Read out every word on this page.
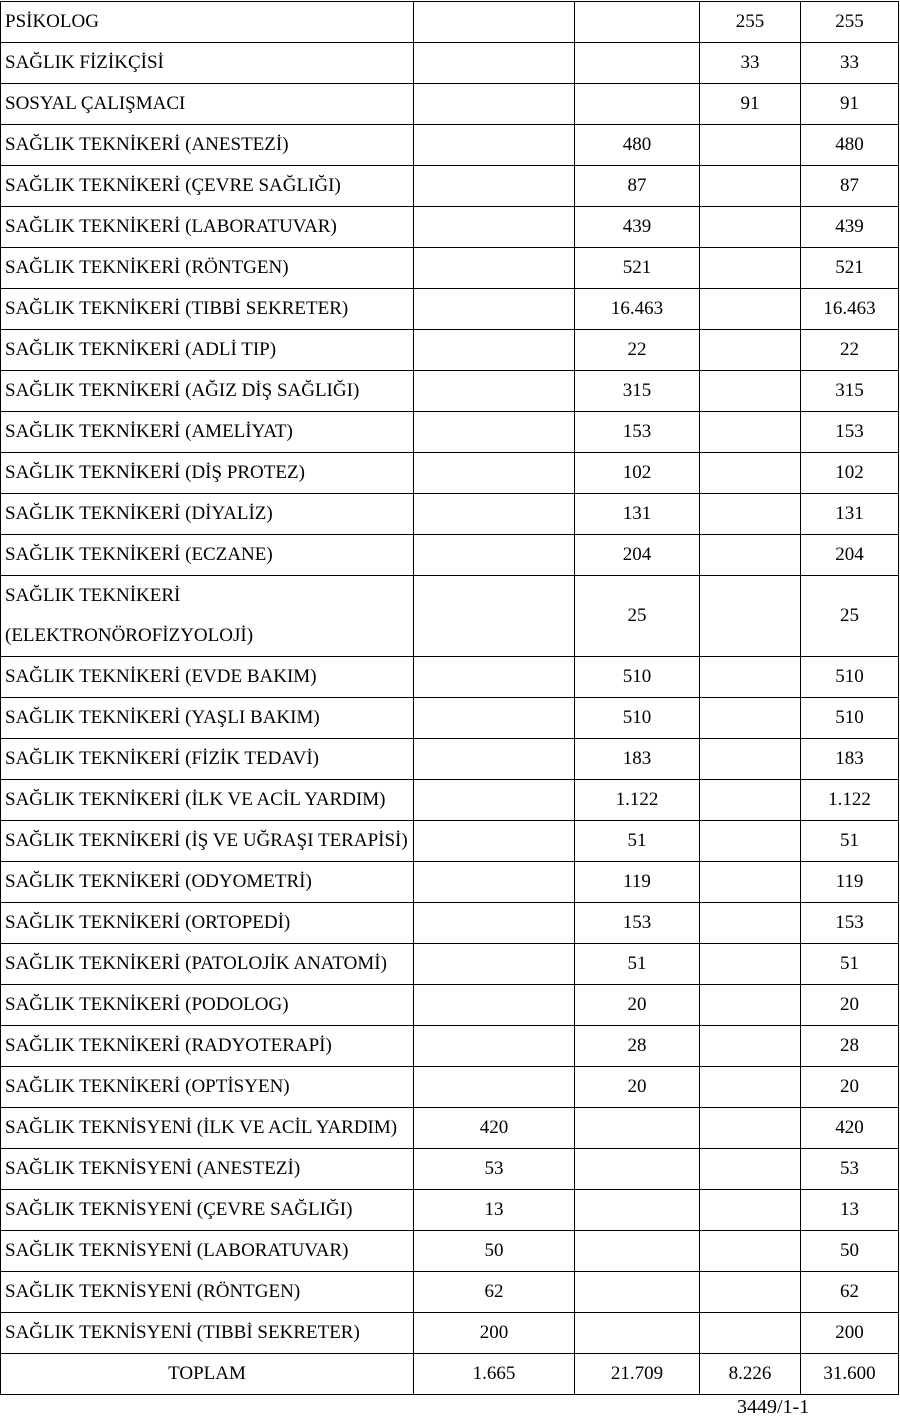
PSİKOLOG			255	255
SAĞLIK FİZİKÇİSİ			33	33
SOSYAL ÇALIŞMACI			91	91
SAĞLIK TEKNİKERİ (ANESTEZİ)		480		480
SAĞLIK TEKNİKERİ (ÇEVRE SAĞLIĞI)		87		87
SAĞLIK TEKNİKERİ (LABORATUVAR)		439		439
SAĞLIK TEKNİKERİ (RÖNTGEN)		521		521
SAĞLIK TEKNİKERİ (TIBBİ SEKRETER)		16.463		16.463
SAĞLIK TEKNİKERİ (ADLİ TIP)		22		22
SAĞLIK TEKNİKERİ (AĞIZ DİŞ SAĞLIĞI)		315		315
SAĞLIK TEKNİKERİ (AMELİYAT)		153		153
SAĞLIK TEKNİKERİ (DİŞ PROTEZ)		102		102
SAĞLIK TEKNİKERİ (DİYALİZ)		131		131
SAĞLIK TEKNİKERİ (ECZANE)		204		204
SAĞLIK TEKNİKERİ (ELEKTRONÖROFİZYOLOJİ)		25		25
SAĞLIK TEKNİKERİ (EVDE BAKIM)		510		510
SAĞLIK TEKNİKERİ (YAŞLI BAKIM)		510		510
SAĞLIK TEKNİKERİ (FİZİK TEDAVİ)		183		183
SAĞLIK TEKNİKERİ (İLK VE ACİL YARDIM)		1.122		1.122
SAĞLIK TEKNİKERİ (İŞ VE UĞRAŞI TERAPİSİ)		51		51
SAĞLIK TEKNİKERİ (ODYOMETRİ)		119		119
SAĞLIK TEKNİKERİ (ORTOPEDİ)		153		153
SAĞLIK TEKNİKERİ (PATOLOJİK ANATOMİ)		51		51
SAĞLIK TEKNİKERİ (PODOLOG)		20		20
SAĞLIK TEKNİKERİ (RADYOTERAPİ)		28		28
SAĞLIK TEKNİKERİ (OPTİSYEN)		20		20
SAĞLIK TEKNİSYENİ (İLK VE ACİL YARDIM)	420			420
SAĞLIK TEKNİSYENİ (ANESTEZİ)	53			53
SAĞLIK TEKNİSYENİ (ÇEVRE SAĞLIĞI)	13			13
SAĞLIK TEKNİSYENİ (LABORATUVAR)	50			50
SAĞLIK TEKNİSYENİ (RÖNTGEN)	62			62
SAĞLIK TEKNİSYENİ (TIBBİ SEKRETER)	200			200
TOPLAM	1.665	21.709	8.226	31.600
3449/1-1
